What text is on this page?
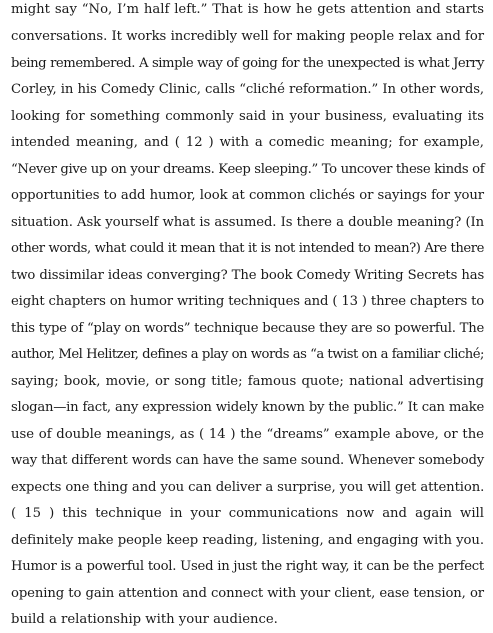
might say “No, I’m half left.” That is how he gets attention and starts
conversations. It works incredibly well for making people relax and for
being remembered. A simple way of going for the unexpected is what Jerry
Corley, in his Comedy Clinic, calls “cliché reformation.” In other words,
looking for something commonly said in your business, evaluating its
intended meaning, and ( 12 ) with a comedic meaning; for example,
“Never give up on your dreams. Keep sleeping.” To uncover these kinds of
opportunities to add humor, look at common clichés or sayings for your
situation. Ask yourself what is assumed. Is there a double meaning? (In
other words, what could it mean that it is not intended to mean?) Are there
two dissimilar ideas converging? The book Comedy Writing Secrets has
eight chapters on humor writing techniques and ( 13 ) three chapters to
this type of “play on words” technique because they are so powerful. The
author, Mel Helitzer, defines a play on words as “a twist on a familiar cliché;
saying; book, movie, or song title; famous quote; national advertising
slogan—in fact, any expression widely known by the public.” It can make
use of double meanings, as ( 14 ) the “dreams” example above, or the
way that different words can have the same sound. Whenever somebody
expects one thing and you can deliver a surprise, you will get attention.
( 15 ) this technique in your communications now and again will
definitely make people keep reading, listening, and engaging with you.
Humor is a powerful tool. Used in just the right way, it can be the perfect
opening to gain attention and connect with your client, ease tension, or
build a relationship with your audience.
